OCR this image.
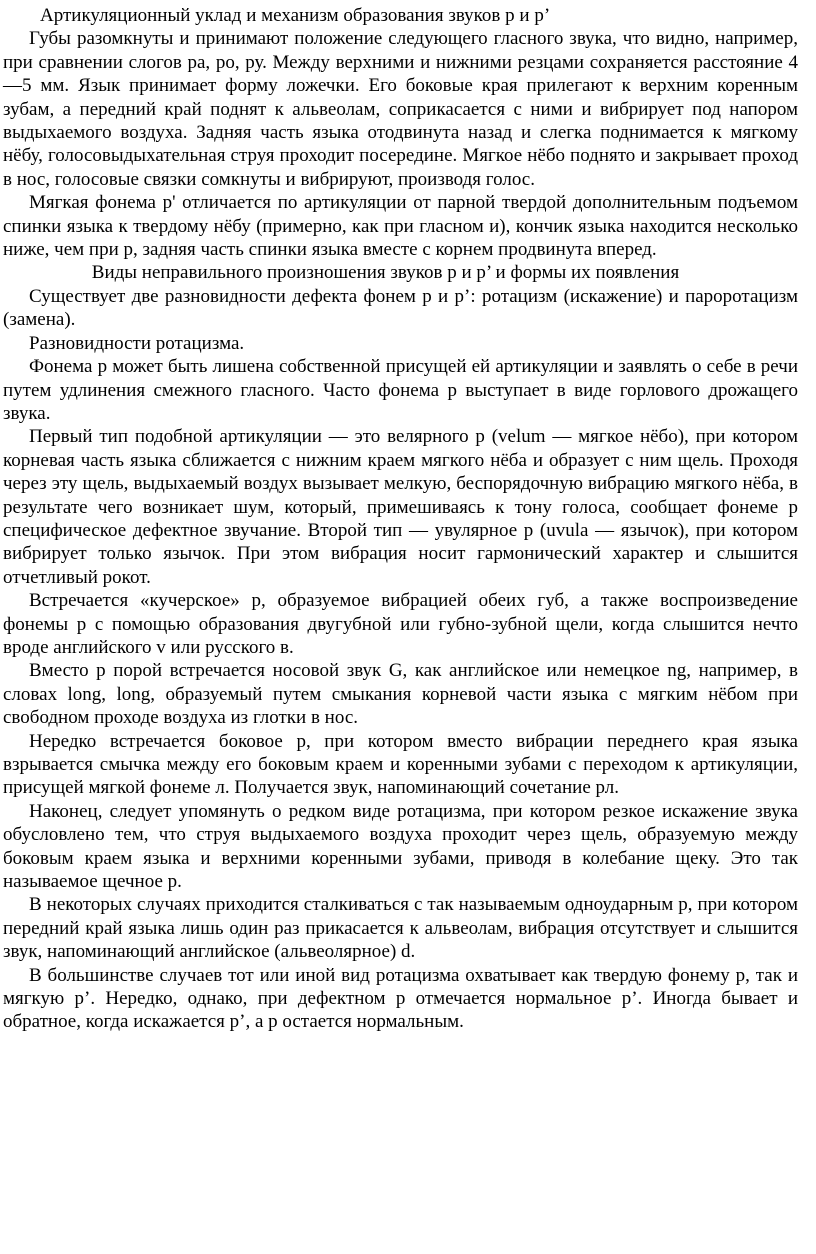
Артикуляционный уклад и механизм образования звуков р и р’

Губы разомкнуты и принимают положение следующего гласного звука, что видно, например, при сравнении слогов ра, ро, ру. Между верхними и нижними резцами сохраняется расстояние 4—5 мм. Язык принимает форму ложечки. Его боковые края прилегают к верхним коренным зубам, а передний край поднят к альвеолам, соприкасается с ними и вибрирует под напором выдыхаемого воздуха. Задняя часть языка отодвинута назад и слегка поднимается к мягкому нёбу, голосовыдыхательная струя проходит посередине. Мягкое нёбо поднято и закрывает проход в нос, голосовые связки сомкнуты и вибрируют, производя голос.

Мягкая фонема р' отличается по артикуляции от парной твердой дополнительным подъемом спинки языка к твердому нёбу (примерно, как при гласном и), кончик языка находится несколько ниже, чем при р, задняя часть спинки языка вместе с корнем продвинута вперед.

Виды неправильного произношения звуков р и р’ и формы их появления

Существует две разновидности дефекта фонем р и р’: ротацизм (искажение) и пароротацизм (замена).

Разновидности ротацизма.

Фонема р может быть лишена собственной присущей ей артикуляции и заявлять о себе в речи путем удлинения смежного гласного. Часто фонема р выступает в виде горлового дрожащего звука.

Первый тип подобной артикуляции — это велярного р (velum — мягкое нёбо), при котором корневая часть языка сближается с нижним краем мягкого нёба и образует с ним щель. Проходя через эту щель, выдыхаемый воздух вызывает мелкую, беспорядочную вибрацию мягкого нёба, в результате чего возникает шум, который, примешиваясь к тону голоса, сообщает фонеме р специфическое дефектное звучание. Второй тип — увулярное р (uvula — язычок), при котором вибрирует только язычок. При этом вибрация носит гармонический характер и слышится отчетливый рокот.

Встречается «кучерское» р, образуемое вибрацией обеих губ, а также воспроизведение фонемы р с помощью образования двугубной или губно-зубной щели, когда слышится нечто вроде английского v или русского в.

Вместо р порой встречается носовой звук G, как английское или немецкое ng, например, в словах long, long, образуемый путем смыкания корневой части языка с мягким нёбом при свободном проходе воздуха из глотки в нос.

Нередко встречается боковое р, при котором вместо вибрации переднего края языка взрывается смычка между его боковым краем и коренными зубами с переходом к артикуляции, присущей мягкой фонеме л. Получается звук, напоминающий сочетание рл.

Наконец, следует упомянуть о редком виде ротацизма, при котором резкое искажение звука обусловлено тем, что струя выдыхаемого воздуха проходит через щель, образуемую между боковым краем языка и верхними коренными зубами, приводя в колебание щеку. Это так называемое щечное р.

В некоторых случаях приходится сталкиваться с так называемым одноударным р, при котором передний край языка лишь один раз прикасается к альвеолам, вибрация отсутствует и слышится звук, напоминающий английское (альвеолярное) d.

В большинстве случаев тот или иной вид ротацизма охватывает как твердую фонему р, так и мягкую р’. Нередко, однако, при дефектном р отмечается нормальное р’. Иногда бывает и обратное, когда искажается р’, а р остается нормальным.
